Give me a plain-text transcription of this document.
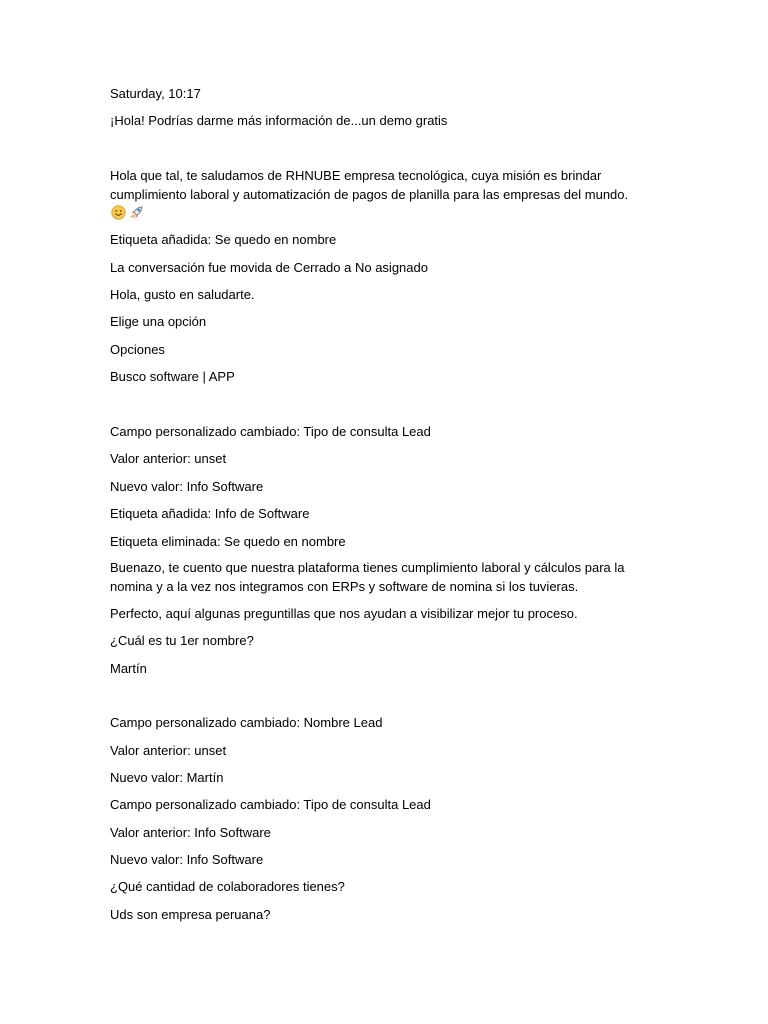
Saturday, 10:17
¡Hola! Podrías darme más información de...un demo gratis
Hola que tal, te saludamos de RHNUBE empresa tecnológica, cuya misión es brindar cumplimiento laboral y automatización de pagos de planilla para las empresas del mundo.
Etiqueta añadida: Se quedo en nombre
La conversación fue movida de Cerrado a No asignado
Hola, gusto en saludarte.
Elige una opción
Opciones
Busco software | APP
Campo personalizado cambiado: Tipo de consulta Lead
Valor anterior: unset
Nuevo valor: Info Software
Etiqueta añadida: Info de Software
Etiqueta eliminada: Se quedo en nombre
Buenazo, te cuento que nuestra plataforma tienes cumplimiento laboral y cálculos para la nomina y a la vez nos integramos con ERPs y software de nomina si los tuvieras.
Perfecto, aquí algunas preguntillas que nos ayudan a visibilizar mejor tu proceso.
¿Cuál es tu 1er nombre?
Martín
Campo personalizado cambiado: Nombre Lead
Valor anterior: unset
Nuevo valor: Martín
Campo personalizado cambiado: Tipo de consulta Lead
Valor anterior: Info Software
Nuevo valor: Info Software
¿Qué cantidad de colaboradores tienes?
Uds son empresa peruana?
